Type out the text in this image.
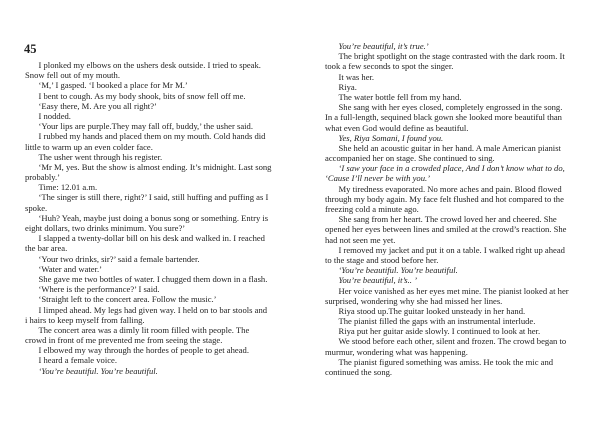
45
I plonked my elbows on the ushers desk outside. I tried to speak.
Snow fell out of my mouth.
‘M,’ I gasped. ‘I booked a place for Mr M.’
I bent to cough. As my body shook, bits of snow fell off me.
‘Easy there, M. Are you all right?’
I nodded.
‘Your lips are purple.They may fall off, buddy,’ the usher said.
I rubbed my hands and placed them on my mouth. Cold hands did
little to warm up an even colder face.
The usher went through his register.
‘Mr M, yes. But the show is almost ending. It’s midnight. Last song
probably.’
Time: 12.01 a.m.
‘The singer is still there, right?’ I said, still huffing and puffing as I
spoke.
‘Huh? Yeah, maybe just doing a bonus song or something. Entry is
eight dollars, two drinks minimum. You sure?’
I slapped a twenty-dollar bill on his desk and walked in. I reached
the bar area.
‘Your two drinks, sir?’ said a female bartender.
‘Water and water.’
She gave me two bottles of water. I chugged them down in a flash.
‘Where is the performance?’ I said.
‘Straight left to the concert area. Follow the music.’
I limped ahead. My legs had given way. I held on to bar stools and
i hairs to keep myself from falling.
The concert area was a dimly lit room filled with people. The
crowd in front of me prevented me from seeing the stage.
I elbowed my way through the hordes of people to get ahead.
I heard a female voice.
‘You’re beautiful. You’re beautiful.
You’re beautiful, it’s true.’
The bright spotlight on the stage contrasted with the dark room. It
took a few seconds to spot the singer.
It was her.
Riya.
The water bottle fell from my hand.
She sang with her eyes closed, completely engrossed in the song.
In a full-length, sequined black gown she looked more beautiful than
what even God would define as beautiful.
Yes, Riya Somani, I found you.
She held an acoustic guitar in her hand. A male American pianist
accompanied her on stage. She continued to sing.
‘I saw your face in a crowded place, And I don’t know what to do,
‘Cause I’ll never be with you.’
My tiredness evaporated. No more aches and pain. Blood flowed
through my body again. My face felt flushed and hot compared to the
freezing cold a minute ago.
She sang from her heart. The crowd loved her and cheered. She
opened her eyes between lines and smiled at the crowd’s reaction. She
had not seen me yet.
I removed my jacket and put it on a table. I walked right up ahead
to the stage and stood before her.
‘You’re beautiful. You’re beautiful.
You’re beautiful, it’s.. ’
Her voice vanished as her eyes met mine. The pianist looked at her
surprised, wondering why she had missed her lines.
Riya stood up.The guitar looked unsteady in her hand.
The pianist filled the gaps with an instrumental interlude.
Riya put her guitar aside slowly. I continued to look at her.
We stood before each other, silent and frozen. The crowd began to
murmur, wondering what was happening.
The pianist figured something was amiss. He took the mic and
continued the song.
